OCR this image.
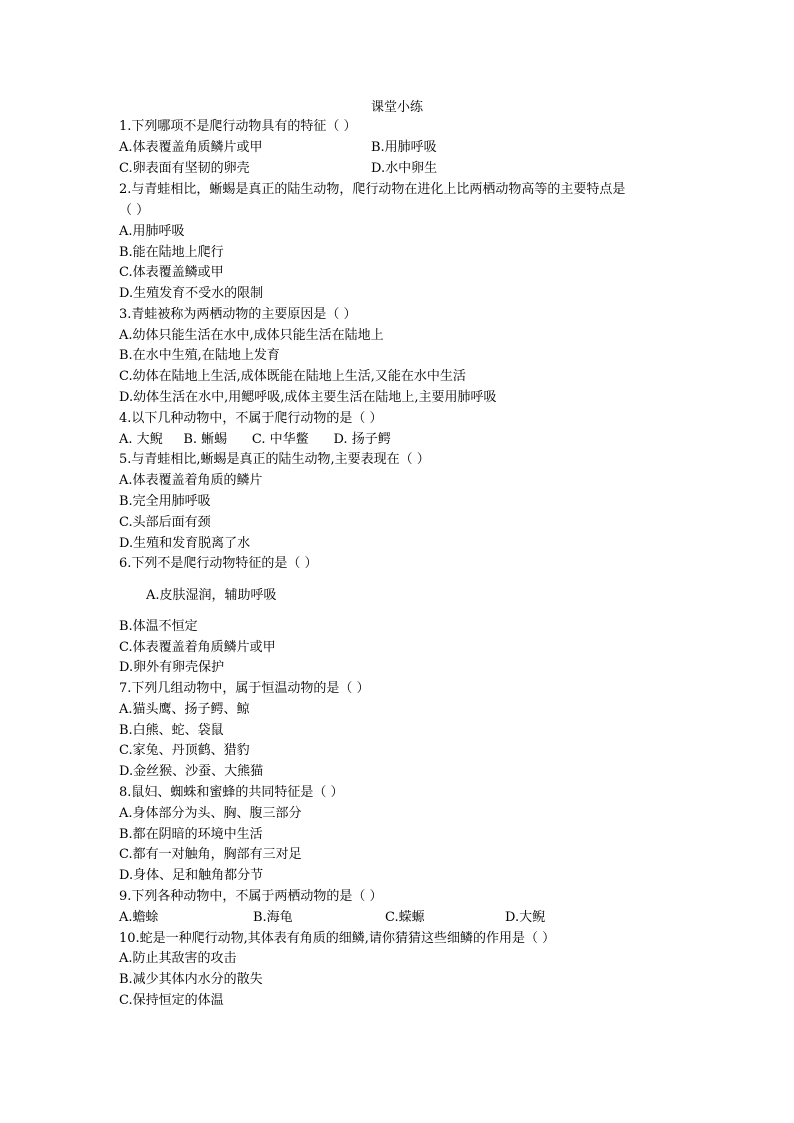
课堂小练
1.下列哪项不是爬行动物具有的特征（ ）
A.体表覆盖角质鳞片或甲	B.用肺呼吸
C.卵表面有坚韧的卵壳	D.水中卵生
2.与青蛙相比，蜥蜴是真正的陆生动物，爬行动物在进化上比两栖动物高等的主要特点是
（ ）
A.用肺呼吸
B.能在陆地上爬行
C.体表覆盖鳞或甲
D.生殖发育不受水的限制
3.青蛙被称为两栖动物的主要原因是（ ）
A.幼体只能生活在水中,成体只能生活在陆地上
B.在水中生殖,在陆地上发育
C.幼体在陆地上生活,成体既能在陆地上生活,又能在水中生活
D.幼体生活在水中,用鳃呼吸,成体主要生活在陆地上,主要用肺呼吸
4.以下几种动物中，不属于爬行动物的是（ ）
A. 大鲵     B. 蜥蜴      C. 中华鳖      D. 扬子鳄
5.与青蛙相比,蜥蜴是真正的陆生动物,主要表现在（ ）
A.体表覆盖着角质的鳞片
B.完全用肺呼吸
C.头部后面有颈
D.生殖和发育脱离了水
6.下列不是爬行动物特征的是（ ）
A.皮肤湿润，辅助呼吸
B.体温不恒定
C.体表覆盖着角质鳞片或甲
D.卵外有卵壳保护
7.下列几组动物中，属于恒温动物的是（ ）
A.猫头鹰、扬子鳄、鲸
B.白熊、蛇、袋鼠
C.家兔、丹顶鹤、猎豹
D.金丝猴、沙蚕、大熊猫
8.鼠妇、蜘蛛和蜜蜂的共同特征是（ ）
A.身体部分为头、胸、腹三部分
B.都在阴暗的环境中生活
C.都有一对触角，胸部有三对足
D.身体、足和触角都分节
9.下列各种动物中，不属于两栖动物的是（ ）
A.蟾蜍	B.海龟	C.蝾螈	D.大鲵
10.蛇是一种爬行动物,其体表有角质的细鳞,请你猜猜这些细鳞的作用是（ ）
A.防止其敌害的攻击
B.减少其体内水分的散失
C.保持恒定的体温
